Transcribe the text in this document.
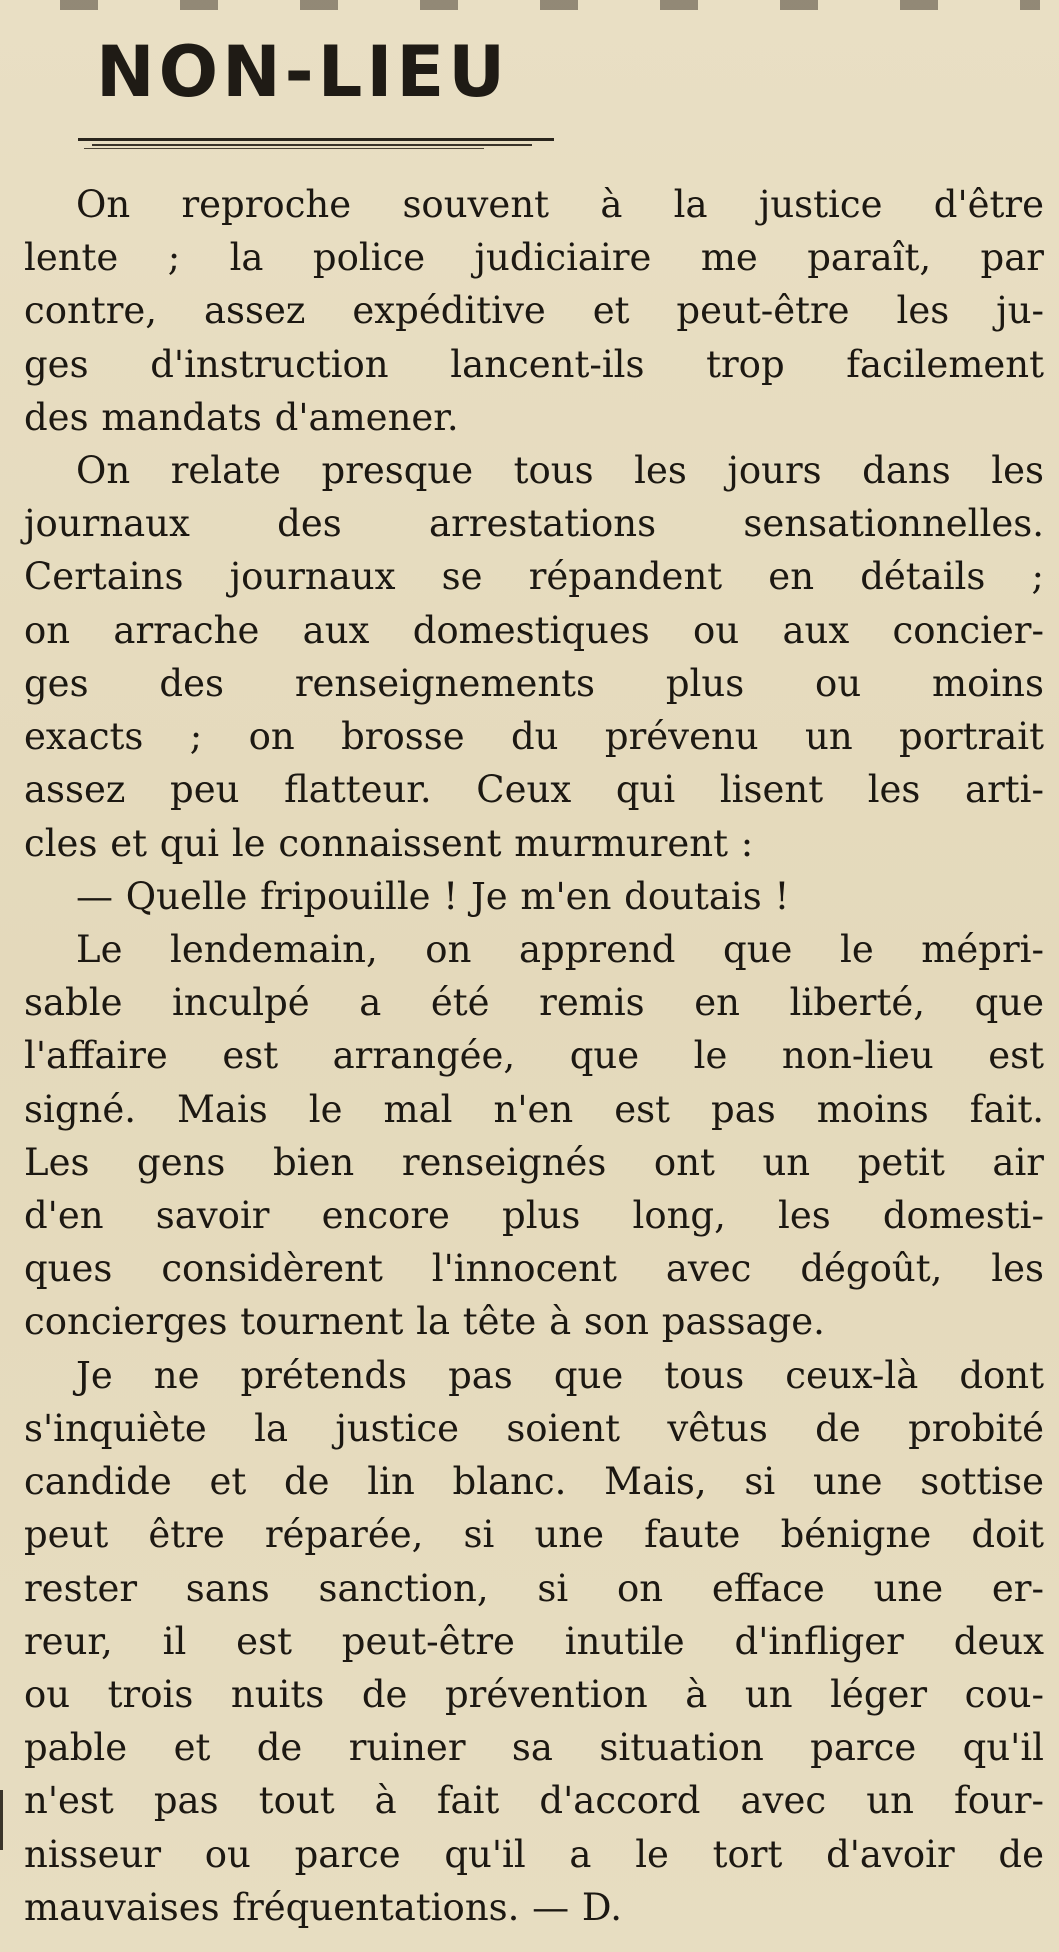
NON-LIEU

On reproche souvent à la justice d'être

lente ; la police judiciaire me paraît, par

contre, assez expéditive et peut-être les ju-

ges d'instruction lancent-ils trop facilement

des mandats d'amener.

On relate presque tous les jours dans les

journaux des arrestations sensationnelles.

Certains journaux se répandent en détails ;

on arrache aux domestiques ou aux concier-

ges des renseignements plus ou moins

exacts ; on brosse du prévenu un portrait

assez peu flatteur. Ceux qui lisent les arti-

cles et qui le connaissent murmurent :

— Quelle fripouille ! Je m'en doutais !

Le lendemain, on apprend que le mépri-

sable inculpé a été remis en liberté, que

l'affaire est arrangée, que le non-lieu est

signé. Mais le mal n'en est pas moins fait.

Les gens bien renseignés ont un petit air

d'en savoir encore plus long, les domesti-

ques considèrent l'innocent avec dégoût, les

concierges tournent la tête à son passage.

Je ne prétends pas que tous ceux-là dont

s'inquiète la justice soient vêtus de probité

candide et de lin blanc. Mais, si une sottise

peut être réparée, si une faute bénigne doit

rester sans sanction, si on efface une er-

reur, il est peut-être inutile d'infliger deux

ou trois nuits de prévention à un léger cou-

pable et de ruiner sa situation parce qu'il

n'est pas tout à fait d'accord avec un four-

nisseur ou parce qu'il a le tort d'avoir de

mauvaises fréquentations. — D.
